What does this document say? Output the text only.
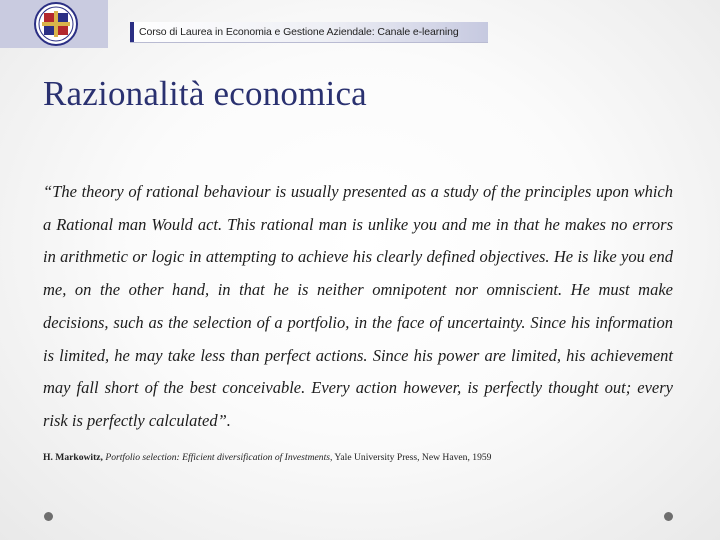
Corso di Laurea in Economia e Gestione Aziendale: Canale e-learning
Razionalità economica

“The theory of rational behaviour is usually presented as a study of the principles upon which a Rational man Would act. This rational man is unlike you and me in that he makes no errors in arithmetic or logic in attempting to achieve his clearly defined objectives. He is like you end me, on the other hand, in that he is neither omnipotent nor omniscient. He must make decisions, such as the selection of a portfolio, in the face of uncertainty. Since his information is limited, he may take less than perfect actions. Since his power are limited, his achievement may fall short of the best conceivable. Every action however, is perfectly thought out; every risk is perfectly calculated”.

H. Markowitz, Portfolio selection: Efficient diversification of Investments, Yale University Press, New Haven, 1959
